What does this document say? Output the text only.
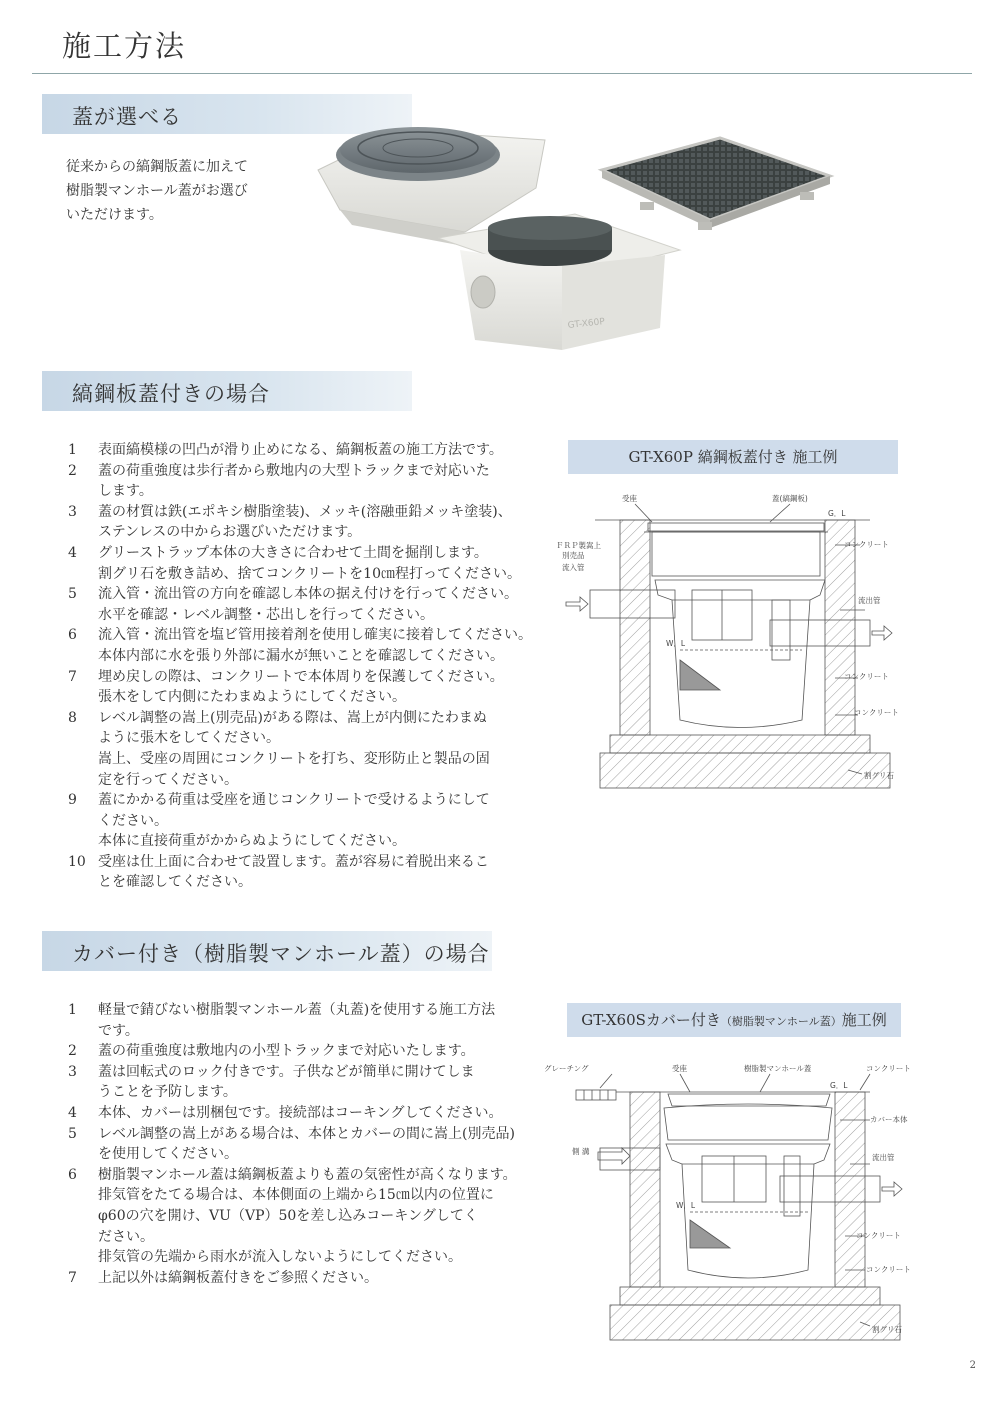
施工方法
蓋が選べる
従来からの縞鋼版蓋に加えて
樹脂製マンホール蓋がお選び
いただけます。
GT-X60P
縞鋼板蓋付きの場合
1	表面縞模様の凹凸が滑り止めになる、縞鋼板蓋の施工方法です。
2	蓋の荷重強度は歩行者から敷地内の大型トラックまで対応いた
します。
3	蓋の材質は鉄(エポキシ樹脂塗装)、メッキ(溶融亜鉛メッキ塗装)、
ステンレスの中からお選びいただけます。
4	グリーストラップ本体の大きさに合わせて土間を掘削します。
割グリ石を敷き詰め、捨てコンクリートを10㎝程打ってください。
5	流入管・流出管の方向を確認し本体の据え付けを行ってください。
水平を確認・レベル調整・芯出しを行ってください。
6	流入管・流出管を塩ビ管用接着剤を使用し確実に接着してください。
本体内部に水を張り外部に漏水が無いことを確認してください。
7	埋め戻しの際は、コンクリートで本体周りを保護してください。
張木をして内側にたわまぬようにしてください。
8	レベル調整の嵩上(別売品)がある際は、嵩上が内側にたわまぬ
ように張木をしてください。
嵩上、受座の周囲にコンクリートを打ち、変形防止と製品の固
定を行ってください。
9	蓋にかかる荷重は受座を通じコンクリートで受けるようにして
ください。
本体に直接荷重がかからぬようにしてください。
10 受座は仕上面に合わせて設置します。蓋が容易に着脱出来るこ
とを確認してください。
GT-X60P 縞鋼板蓋付き 施工例
受座	蓋(縞鋼板)
G．L
ＦＲＰ製嵩上
別売品
流入管
コンクリート
流出管
W．L
コンクリート
コンクリート
割グリ石
カバー付き（樹脂製マンホール蓋）の場合
1	軽量で錆びない樹脂製マンホール蓋（丸蓋)を使用する施工方法
です。
2	蓋の荷重強度は敷地内の小型トラックまで対応いたします。
3	蓋は回転式のロック付きです。子供などが簡単に開けてしま
うことを予防します。
4	本体、カバーは別梱包です。接続部はコーキングしてください。
5	レベル調整の嵩上がある場合は、本体とカバーの間に嵩上(別売品)
を使用してください。
6	樹脂製マンホール蓋は縞鋼板蓋よりも蓋の気密性が高くなります。
排気管をたてる場合は、本体側面の上端から15㎝以内の位置に
φ60の穴を開け、VU（VP）50を差し込みコーキングしてく
ださい。
排気管の先端から雨水が流入しないようにしてください。
7	上記以外は縞鋼板蓋付きをご参照ください。
GT-X60Sカバー付き（樹脂製マンホール蓋）施工例
グレーチング	受座	樹脂製マンホール蓋	コンクリート
G．L
カバー本体
側 溝
流出管
W．L
コンクリート
コンクリート
割グリ石
2
